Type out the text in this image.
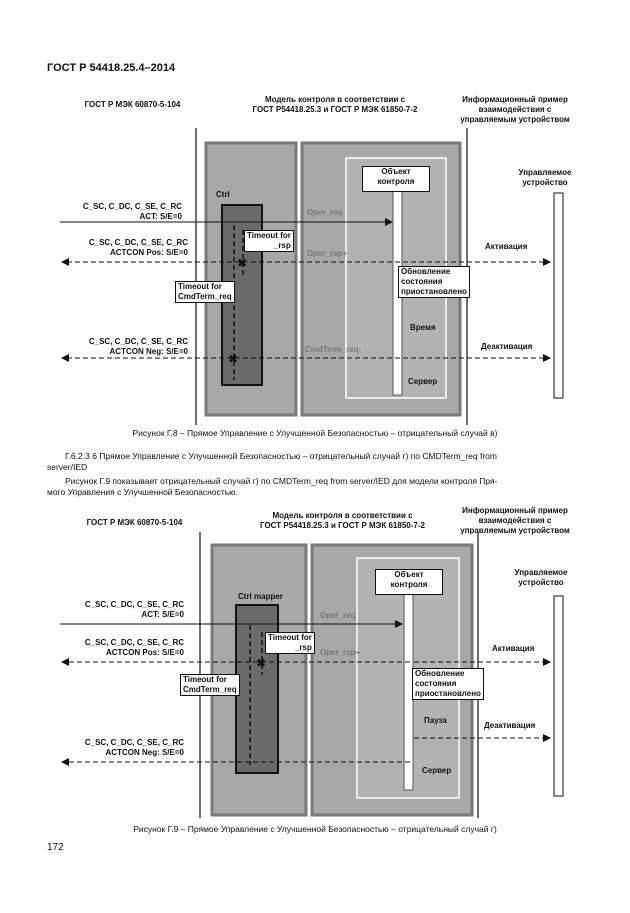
ГОСТ Р 54418.25.4–2014
✖
✖
ГОСТ Р МЭК 60870-5-104
Модель контроля в соответствии с
ГОСТ Р54418.25.3 и ГОСТ Р МЭК 61850-7-2
Информационный пример
взаимодействия с
управляемым устройством
Управляемое
устройство
Ctrl
Объект
контроля
C_SC, C_DC, C_SE, C_RC
ACT: S/E=0
C_SC, C_DC, C_SE, C_RC
ACTCON Pos: S/E=0
C_SC, C_DC, C_SE, C_RC
ACTCON Neg: S/E=0
Oper_req
Oper_rsp+
CmdTerm_req-
Timeout for
_rsp
Timeout for
CmdTerm_req
Обновление
состояния
приостановлено
Время
Сервер
Активация
Деактивация
Рисунок Г.8 – Прямое Управление с Улучшенной Безопасностью – отрицательный случай в)
Г.6.2.3.6 Прямое Управление с Улучшенной Безопасностью – отрицательный случай г) по CMDTerm_req from
server/IED
Рисунок Г.9 показывает отрицательный случай г) по CMDTerm_req from server/IED для модели контроля Пря-
мого Управления с Улучшенной Безопасностью.
✖
ГОСТ Р МЭК 60870-5-104
Модель контроля в соответствии с
ГОСТ Р54418.25.3 и ГОСТ Р МЭК 61850-7-2
Информационный пример
взаимодействия с
управляемым устройством
Управляемое
устройство
Ctrl mapper
Объект
контроля
C_SC, C_DC, C_SE, C_RC
ACT: S/E=0
C_SC, C_DC, C_SE, C_RC
ACTCON Pos: S/E=0
C_SC, C_DC, C_SE, C_RC
ACTCON Neg: S/E=0
Oper_req
Oper_rsp+
Timeout for
_rsp
Timeout for
CmdTerm_req
Обновление
состояния
приостановлено
Пауза
Сервер
Активация
Деактивация
Рисунок Г.9 – Прямое Управление с Улучшенной Безопасностью – отрицательный случай г)
172
